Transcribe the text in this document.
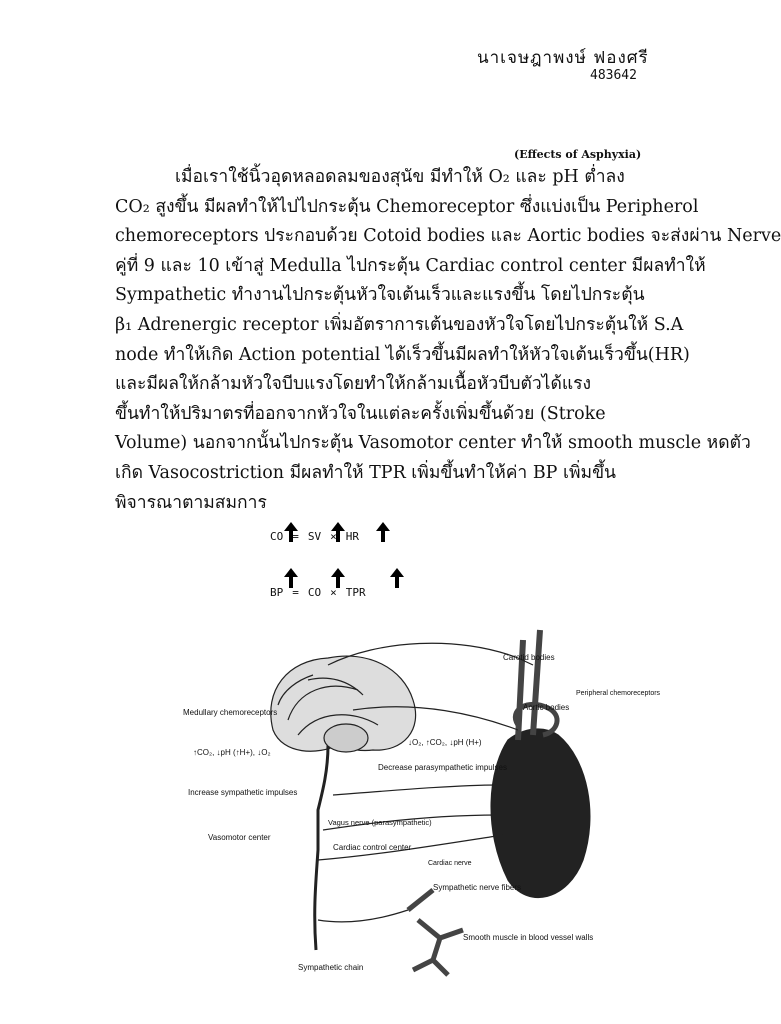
นาเจษฎาพงษ์ ฟองศรี
483642
(Effects of Asphyxia)
เมื่อเราใช้นิ้วอุดหลอดลมของสุนัข มีทำให้ O₂ และ pH ต่ำลง
CO₂ สูงขึ้น มีผลทำให้ไปไปกระตุ้น Chemoreceptor ซึ่งแบ่งเป็น Peripherol
chemoreceptors ประกอบด้วย Cotoid bodies และ Aortic bodies จะส่งผ่าน Nerve
คู่ที่ 9 และ 10 เข้าสู่ Medulla ไปกระตุ้น Cardiac control center มีผลทำให้
Sympathetic ทำงานไปกระตุ้นหัวใจเต้นเร็วและแรงขึ้น โดยไปกระตุ้น
β₁ Adrenergic receptor เพิ่มอัตราการเต้นของหัวใจโดยไปกระตุ้นให้ S.A
node ทำให้เกิด Action potential ได้เร็วขึ้นมีผลทำให้หัวใจเต้นเร็วขึ้น(HR)
และมีผลให้กล้ามหัวใจบีบแรงโดยทำให้กล้ามเนื้อหัวบีบตัวได้แรง
ขึ้นทำให้ปริมาตรที่ออกจากหัวใจในแต่ละครั้งเพิ่มขึ้นด้วย (Stroke
Volume) นอกจากนั้นไปกระตุ้น Vasomotor center ทำให้ smooth muscle หดตัว
เกิด Vasocostriction มีผลทำให้ TPR เพิ่มขึ้นทำให้ค่า BP เพิ่มขึ้น
พิจารณาตามสมการ
CO = SV × HR
BP = CO × TPR
Carotid bodies
Aortic bodies
Peripheral chemoreceptors
Medullary chemoreceptors
↑CO₂, ↓pH (↑H+), ↓O₂
↓O₂, ↑CO₂, ↓pH (H+)
Decrease parasympathetic impulses
Increase sympathetic impulses
Vagus nerve (parasympathetic)
Vasomotor center
Cardiac control center
Cardiac nerve
Sympathetic nerve fibers
Smooth muscle in blood vessel walls
Sympathetic chain
